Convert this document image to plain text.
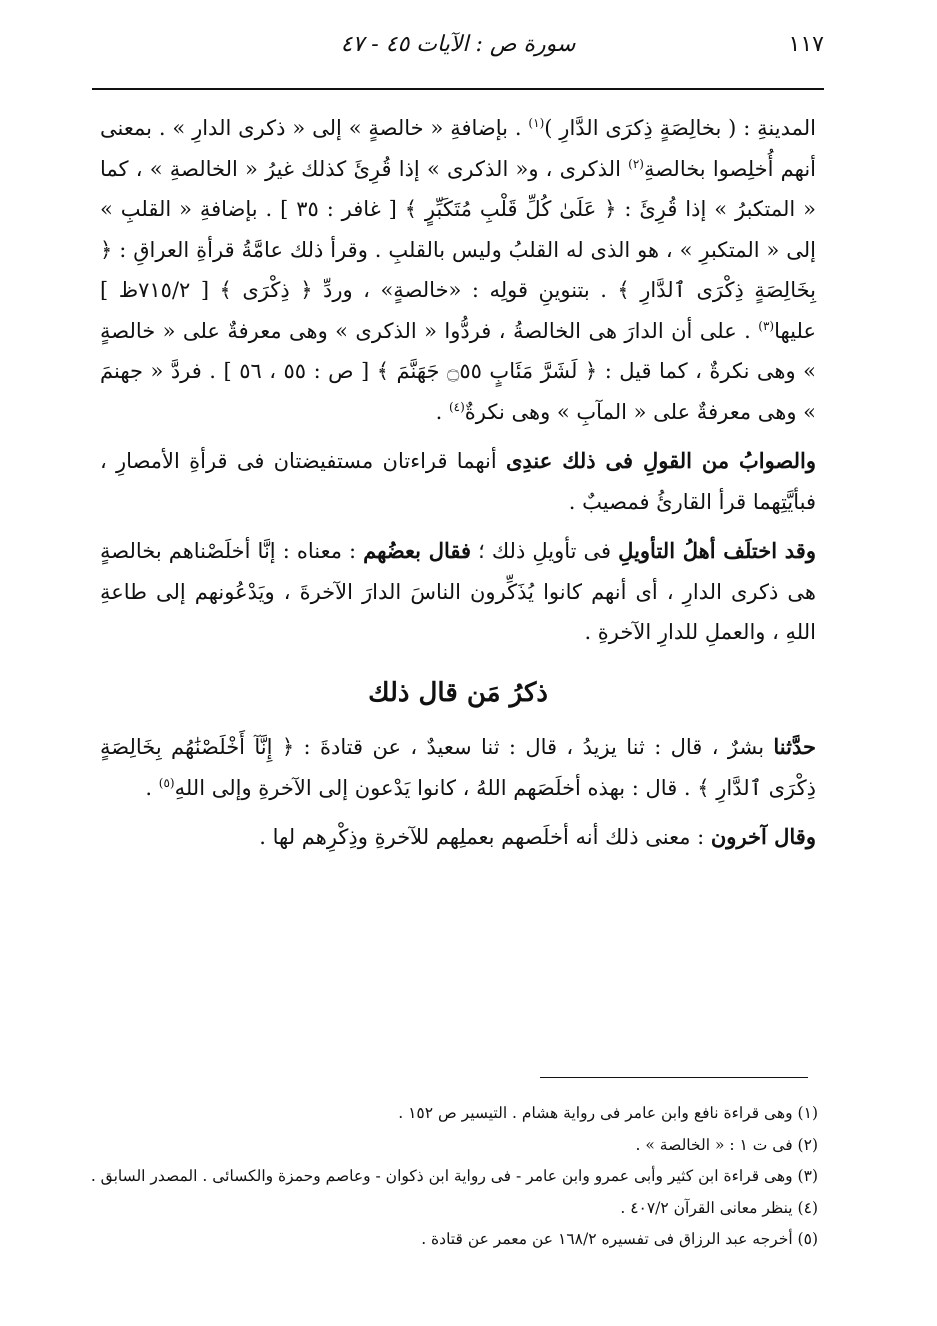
١١٧
سورة ص : الآيات ٤٥ - ٤٧

المدينةِ : ( بخالِصَةٍ ذِكرَى الدَّارِ )$^{(١)}$ . بإضافةِ « خالصةٍ » إلى « ذكرى الدارِ » . بمعنى أنهم أُخلِصوا بخالصةِ$^{(٢)}$ الذكرى ، و« الذكرى » إذا قُرِئَ كذلك غيرُ « الخالصةِ » ، كما « المتكبرُ » إذا قُرِئَ : ﴿ عَلَىٰ كُلِّ قَلْبِ مُتَكَبِّرٍ ﴾ [ غافر : ٣٥ ] . بإضافةِ « القلبِ » إلى « المتكبرِ » ، هو الذى له القلبُ وليس بالقلبِ . وقرأ ذلك عامَّةُ قرأةِ العراقِ : ﴿ بِخَالِصَةٍ ذِكْرَى ٱلدَّارِ ﴾ . بتنوينِ قولِه : «خالصةٍ» ، وردِّ ﴿ ذِكْرَى ﴾ [ ٧١٥/٢ظ ] عليها$^{(٣)}$ . على أن الدارَ هى الخالصةُ ، فردُّوا « الذكرى » وهى معرفةٌ على « خالصةٍ » وهى نكرةٌ ، كما قيل : ﴿ لَشَرَّ مَئَابٍ ۝٥٥ جَهَنَّمَ ﴾ [ ص : ٥٥ ، ٥٦ ] . فردَّ « جهنمَ » وهى معرفةٌ على « المآبِ » وهى نكرةٌ$^{(٤)}$ .

والصوابُ من القولِ فى ذلك عندِى أنهما قراءتان مستفيضتان فى قرأةِ الأمصارِ ، فبأيَّتِهما قرأ القارئُ فمصيبٌ .

وقد اختلَف أهلُ التأويلِ فى تأويلِ ذلك ؛ فقال بعضُهم : معناه : إنَّا أخلَصْناهم بخالصةٍ هى ذكرى الدارِ ، أى أنهم كانوا يُذَكِّرون الناسَ الدارَ الآخرةَ ، ويَدْعُونهم إلى طاعةِ اللهِ ، والعملِ للدارِ الآخرةِ .

ذكرُ مَن قال ذلك

حدَّثنا بشرٌ ، قال : ثنا يزيدُ ، قال : ثنا سعيدٌ ، عن قتادةَ : ﴿ إِنَّآ أَخْلَصْنَٰهُم بِخَالِصَةٍ ذِكْرَى ٱلدَّارِ ﴾ . قال : بهذه أخلَصَهم اللهُ ، كانوا يَدْعون إلى الآخرةِ وإلى اللهِ$^{(٥)}$ .

وقال آخرون : معنى ذلك أنه أخلَصهم بعملِهم للآخرةِ وذِكْرِهم لها .

(١) وهى قراءة نافع وابن عامر فى رواية هشام . التيسير ص ١٥٢ .

(٢) فى ت ١ : « الخالصة » .

(٣) وهى قراءة ابن كثير وأبى عمرو وابن عامر - فى رواية ابن ذكوان - وعاصم وحمزة والكسائى . المصدر السابق .

(٤) ينظر معانى القرآن ٤٠٧/٢ .

(٥) أخرجه عبد الرزاق فى تفسيره ١٦٨/٢ عن معمر عن قتادة .
